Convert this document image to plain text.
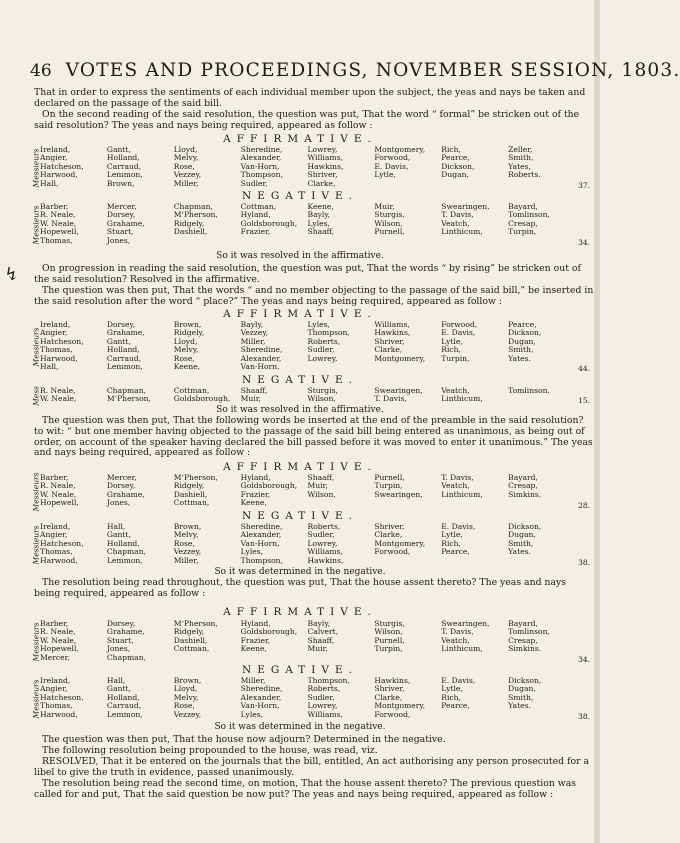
46 VOTES AND PROCEEDINGS, NOVEMBER SESSION, 1803.

That in order to express the sentiments of each individual member upon the subject, the yeas and nays be taken and declared on the passage of the said bill.

On the second reading of the said resolution, the question was put, That the word “ formal” be stricken out of the said resolution? The yeas and nays being required, appeared as follow :

AFFIRMATIVE.
Messieurs Ireland,
Angier,
Hatcheson,
Harwood,
Hall,
Gantt,
Holland,
Carraud,
Lemmon,
Brown,
Lloyd,
Melvy,
Rose,
Vezzey,
Miller,
Sheredine,
Alexander,
Van-Horn,
Thompson,
Sudler,
Lowrey,
Williams,
Hawkins,
Shriver,
Clarke,
Montgomery,
Forwood,
E. Davis,
Lytle,
Rich,
Pearce,
Dickson,
Dugan,
Zeller,
Smith,
Yates,
Roberts.
37.
NEGATIVE.
Messieurs Barber,
R. Neale,
W. Neale,
Hopewell,
Thomas,
Mercer,
Dorsey,
Grahame,
Stuart,
Jones,
Chapman,
M‘Pherson,
Ridgely,
Dashiell,
Cottman,
Hyland,
Goldsborough,
Frazier,
Keene,
Bayly,
Lyles,
Shaaff,
Muir,
Sturgis,
Wilson,
Purnell,
Swearingen,
T. Davis,
Veatch,
Linthicum,
Bayard,
Tomlinson,
Cresap,
Turpin,
34.
So it was resolved in the affirmative.
↯	On progression in reading the said resolution, the question was put, That the words “ by rising” be stricken out of the said resolution? Resolved in the affirmative.

The question was then put, That the words “ and no member objecting to the passage of the said bill,” be inserted in the said resolution after the word “ place?” The yeas and nays being required, appeared as follow :

AFFIRMATIVE.
Messieurs
Ireland,
Angier,
Hatcheson,
Thomas,
Harwood,
Hall,
Dorsey,
Grahame,
Gantt,
Holland,
Carraud,
Lemmon,
Brown,
Ridgely,
Lloyd,
Melvy,
Rose,
Keene,
Bayly,
Vezzey,
Miller,
Sheredine,
Alexander,
Van-Horn,
Lyles,
Thompson,
Roberts,
Sudler,
Lowrey,
Williams,
Hawkins,
Shriver,
Clarke,
Montgomery,
Forwood,
E. Davis,
Lytle,
Rich,
Turpin,
Pearce,
Dickson,
Dugan,
Smith,
Yates.
44.
NEGATIVE.
Mess R. Neale,
W. Neale,
Chapman,
M‘Pherson,
Cottman,
Goldsborough,
Shaaff,
Muir,
Sturgis,
Wilson,
Swearingen,
T. Davis,
Veatch,
Linthicum,
Tomlinson.
15.
So it was resolved in the affirmative.

The question was then put, That the following words be inserted at the end of the preamble in the said resolution? to wit: “ but one member having objected to the passage of the said bill being entered as unanimous, as being out of order, on account of the speaker having declared the bill passed before it was moved to enter it unanimous.” The yeas and nays being required, appeared as follow :

AFFIRMATIVE.
Messieurs Barber,
R. Neale,
W. Neale,
Hopewell,
Mercer,
Dorsey,
Grahame,
Jones,
M‘Pherson,
Ridgely,
Dashiell,
Cottman,
Hyland,
Goldsborough,
Frazier,
Keene,
Shaaff,
Muir,
Wilson,
Purnell,
Turpin,
Swearingen,
T. Davis,
Veatch,
Linthicum,
Bayard,
Cresap,
Simkins.
28.
NEGATIVE.
Messieurs Ireland,
Angier,
Hatcheson,
Thomas,
Harwood,
Hall,
Gantt,
Holland,
Chapman,
Lemmon,
Brown,
Melvy,
Rose,
Vezzey,
Miller,
Sheredine,
Alexander,
Van-Horn,
Lyles,
Thompson,
Roberts,
Sudler,
Lowrey,
Williams,
Hawkins,
Shriver,
Clarke,
Montgomery,
Forwood,
E. Davis,
Lytle,
Rich,
Pearce,
Dickson,
Dugan,
Smith,
Yates.
38.
So it was determined in the negative.

The resolution being read throughout, the question was put, That the house assent thereto? The yeas and nays being required, appeared as follow :

AFFIRMATIVE.
Messieurs Barber,
R. Neale,
W. Neale,
Hopewell,
Mercer,
Dorsey,
Grahame,
Stuart,
Jones,
Chapman,
M‘Pherson,
Ridgely,
Dashiell,
Cottman,
Hyland,
Goldsborough,
Frazier,
Keene,
Bayly,
Calvert,
Shaaff,
Muir,
Sturgis,
Wilson,
Purnell,
Turpin,
Swearingen,
T. Davis,
Veatch,
Linthicum,
Bayard,
Tomlinson,
Cresap,
Simkins.
34.
NEGATIVE.
Messieurs Ireland,
Angier,
Hatcheson,
Thomas,
Harwood,
Hall,
Gantt,
Holland,
Carraud,
Lemmon,
Brown,
Lloyd,
Melvy,
Rose,
Vezzey,
Miller,
Sheredine,
Alexander,
Van-Horn,
Lyles,
Thompson,
Roberts,
Sudler,
Lowrey,
Williams,
Hawkins,
Shriver,
Clarke,
Montgomery,
Forwood,
E. Davis,
Lytle,
Rich,
Pearce,
Dickson,
Dugan,
Smith,
Yates.
38.
So it was determined in the negative.

The question was then put, That the house now adjourn? Determined in the negative.

The following resolution being propounded to the house, was read, viz.

RESOLVED, That it be entered on the journals that the bill, entitled, An act authorising any person prosecuted for a libel to give the truth in evidence, passed unanimously.

The resolution being read the second time, on motion, That the house assent thereto? The previous question was called for and put, That the said question be now put? The yeas and nays being required, appeared as follow :
